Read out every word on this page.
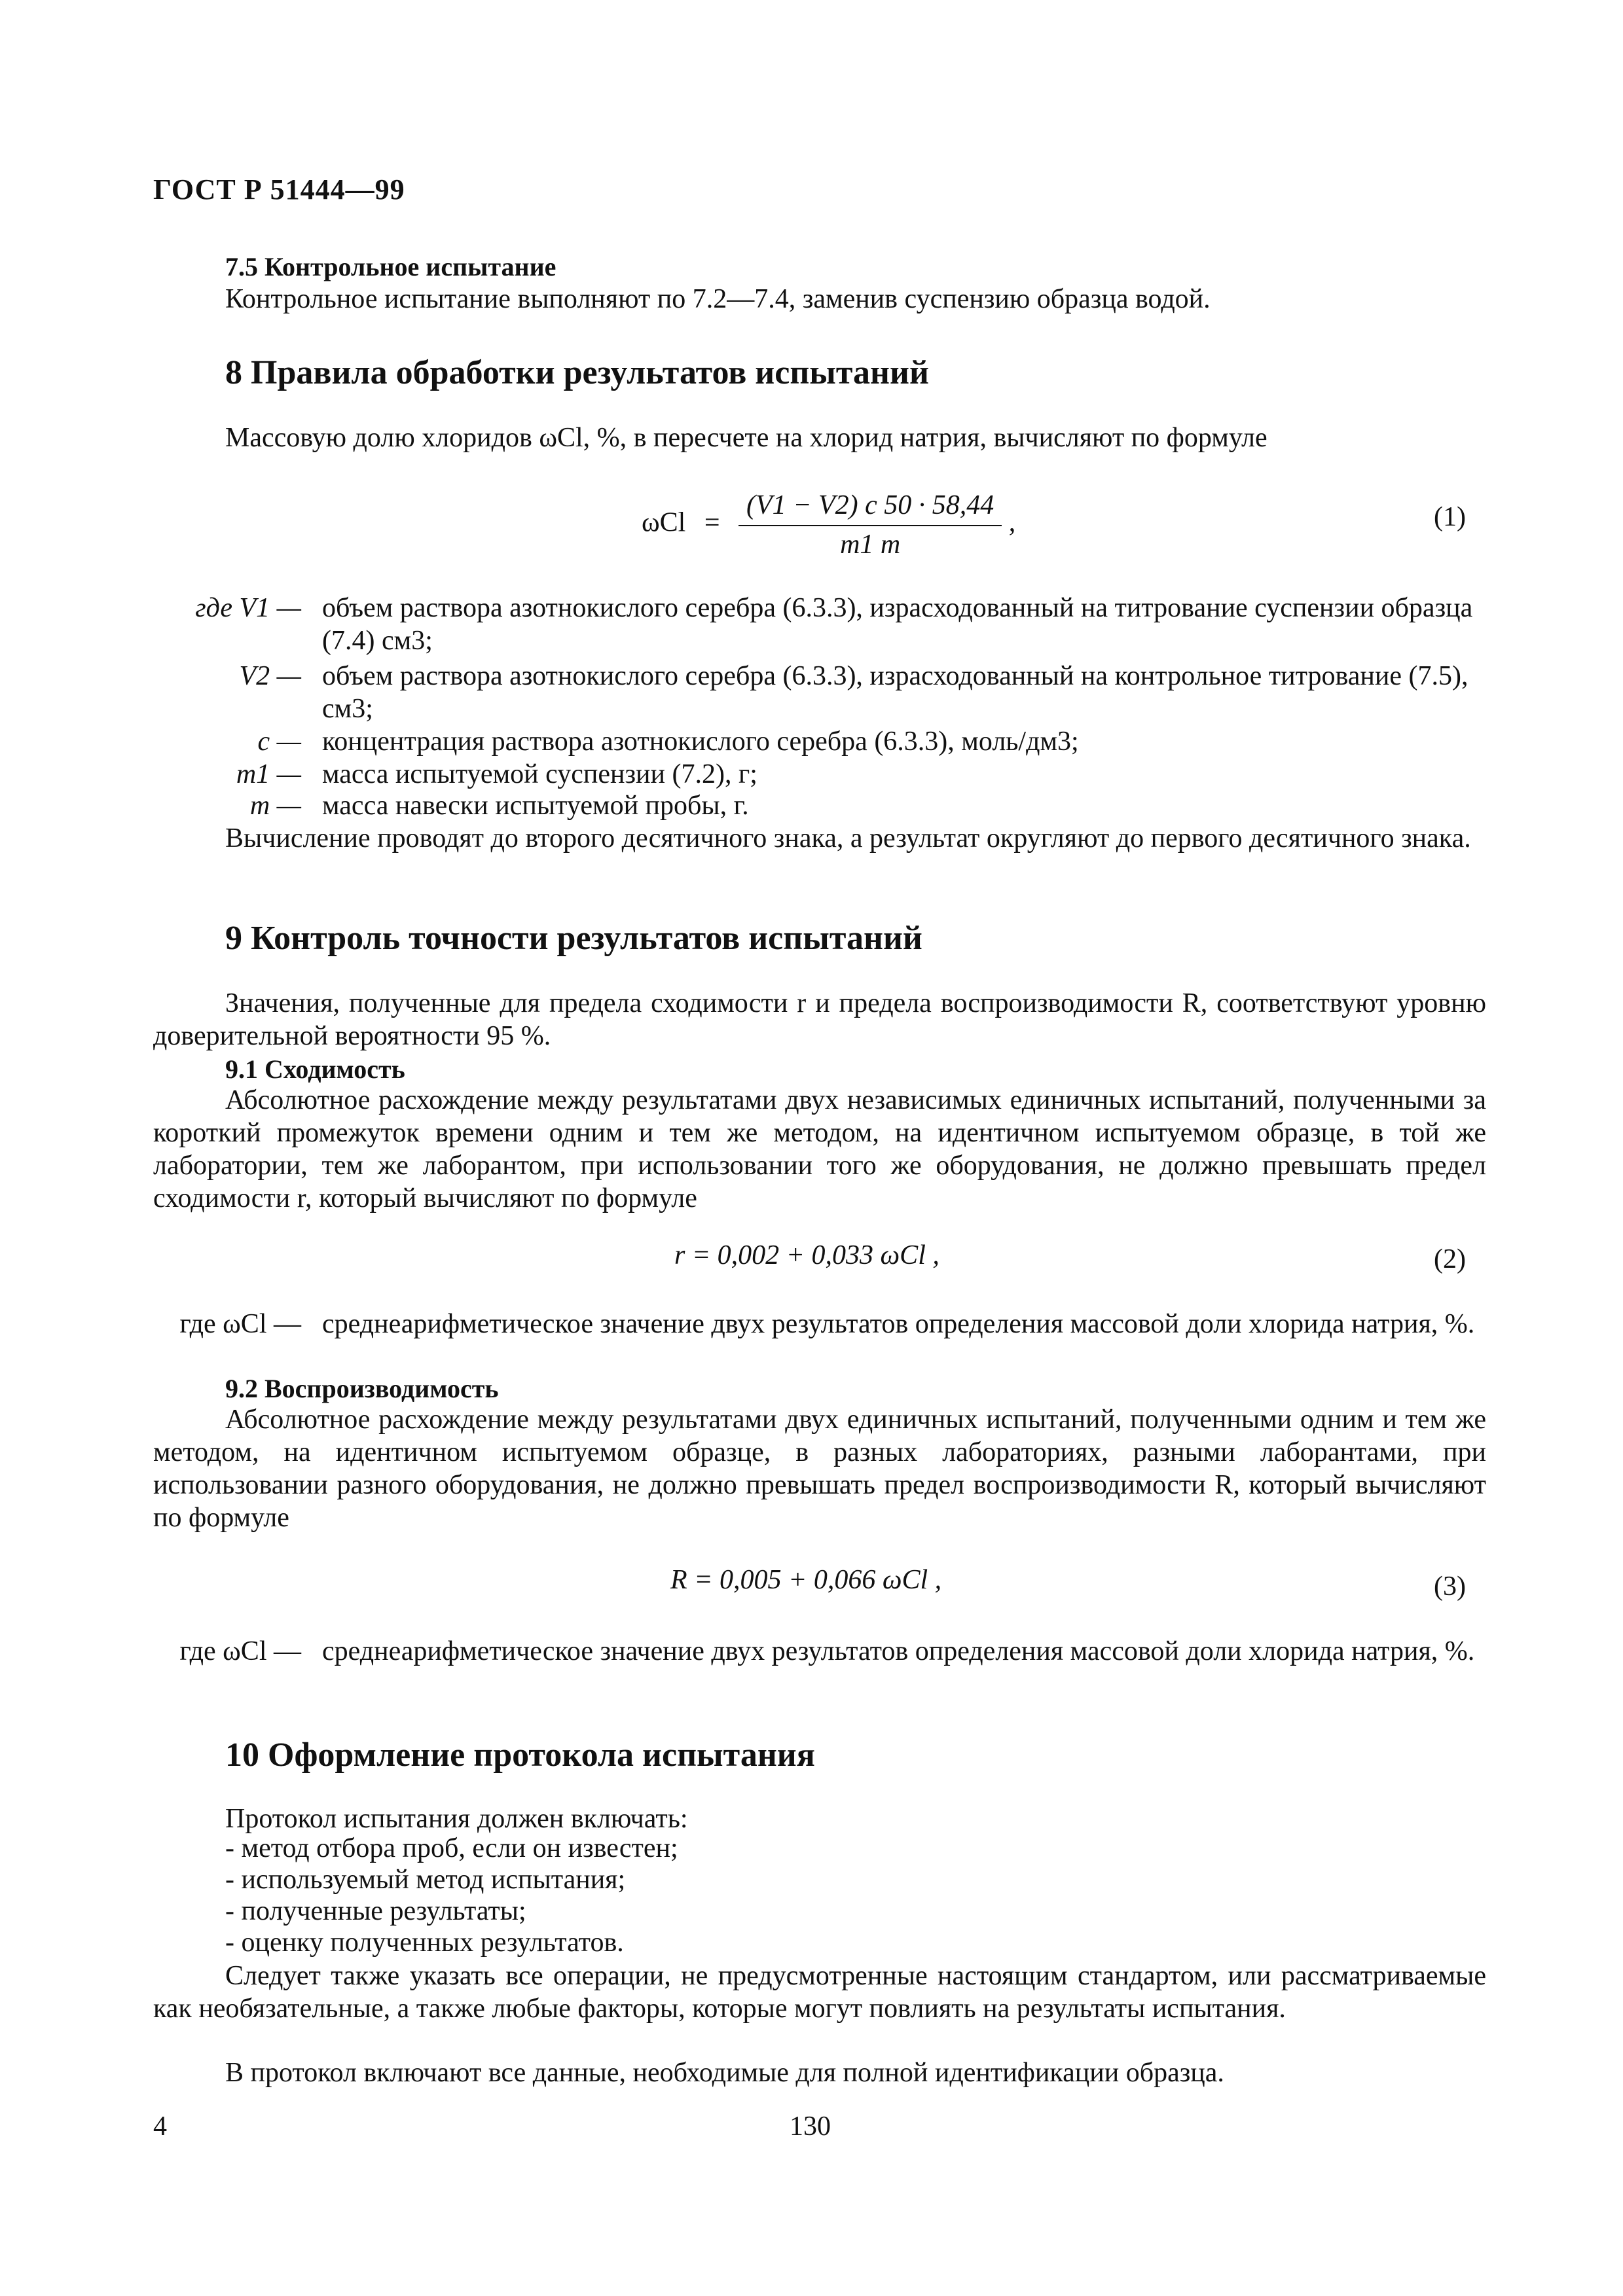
ГОСТ Р 51444—99
7.5 Контрольное испытание
Контрольное испытание выполняют по 7.2—7.4, заменив суспензию образца водой.
8 Правила обработки результатов испытаний
Массовую долю хлоридов ωCl, %, в пересчете на хлорид натрия, вычисляют по формуле
$\omega Cl = \frac{(V1 - V2) c 50 \cdot 58,44}{m1 m}$ ,	(1)
где V1 — объем раствора азотнокислого серебра (6.3.3), израсходованный на титрование суспензии образца (7.4) см3;
V2 — объем раствора азотнокислого серебра (6.3.3), израсходованный на контрольное титрование (7.5), см3;
c — концентрация раствора азотнокислого серебра (6.3.3), моль/дм3;
m1 — масса испытуемой суспензии (7.2), г;
m — масса навески испытуемой пробы, г.
Вычисление проводят до второго десятичного знака, а результат округляют до первого десятичного знака.
9 Контроль точности результатов испытаний
Значения, полученные для предела сходимости r и предела воспроизводимости R, соответствуют уровню доверительной вероятности 95 %.
9.1 Сходимость
Абсолютное расхождение между результатами двух независимых единичных испытаний, полученными за короткий промежуток времени одним и тем же методом, на идентичном испытуемом образце, в той же лаборатории, тем же лаборантом, при использовании того же оборудования, не должно превышать предел сходимости r, который вычисляют по формуле
r = 0,002 + 0,033 ωCl ,	(2)
где ωCl — среднеарифметическое значение двух результатов определения массовой доли хлорида натрия, %.
9.2 Воспроизводимость
Абсолютное расхождение между результатами двух единичных испытаний, полученными одним и тем же методом, на идентичном испытуемом образце, в разных лабораториях, разными лаборантами, при использовании разного оборудования, не должно превышать предел воспроизводимости R, который вычисляют по формуле
R = 0,005 + 0,066 ωCl ,	(3)
где ωCl — среднеарифметическое значение двух результатов определения массовой доли хлорида натрия, %.
10 Оформление протокола испытания
Протокол испытания должен включать:
- метод отбора проб, если он известен;
- используемый метод испытания;
- полученные результаты;
- оценку полученных результатов.
Следует также указать все операции, не предусмотренные настоящим стандартом, или рассматриваемые как необязательные, а также любые факторы, которые могут повлиять на результаты испытания.
В протокол включают все данные, необходимые для полной идентификации образца.
4	130
